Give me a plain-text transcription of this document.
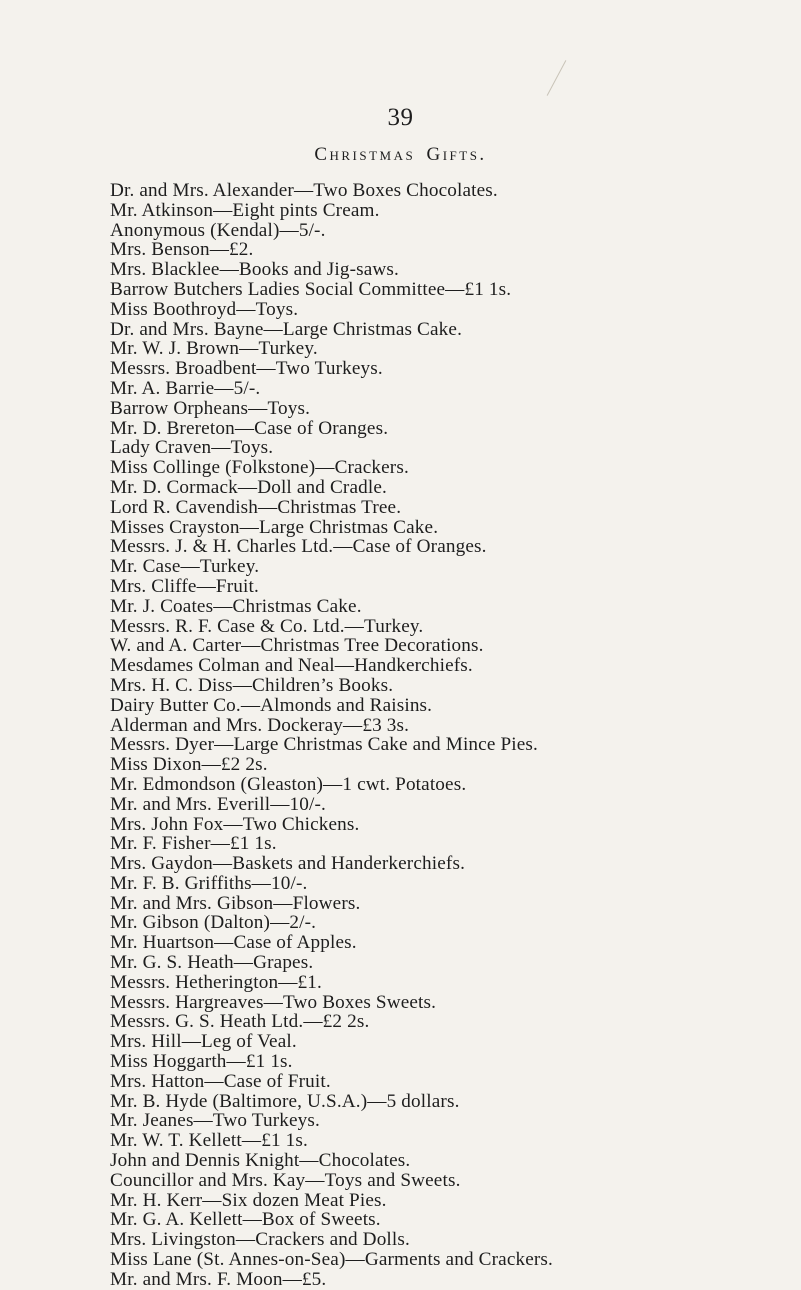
39
Christmas Gifts.
Dr. and Mrs. Alexander—Two Boxes Chocolates.
Mr. Atkinson—Eight pints Cream.
Anonymous (Kendal)—5/-.
Mrs. Benson—£2.
Mrs. Blacklee—Books and Jig-saws.
Barrow Butchers Ladies Social Committee—£1 1s.
Miss Boothroyd—Toys.
Dr. and Mrs. Bayne—Large Christmas Cake.
Mr. W. J. Brown—Turkey.
Messrs. Broadbent—Two Turkeys.
Mr. A. Barrie—5/-.
Barrow Orpheans—Toys.
Mr. D. Brereton—Case of Oranges.
Lady Craven—Toys.
Miss Collinge (Folkstone)—Crackers.
Mr. D. Cormack—Doll and Cradle.
Lord R. Cavendish—Christmas Tree.
Misses Crayston—Large Christmas Cake.
Messrs. J. & H. Charles Ltd.—Case of Oranges.
Mr. Case—Turkey.
Mrs. Cliffe—Fruit.
Mr. J. Coates—Christmas Cake.
Messrs. R. F. Case & Co. Ltd.—Turkey.
W. and A. Carter—Christmas Tree Decorations.
Mesdames Colman and Neal—Handkerchiefs.
Mrs. H. C. Diss—Children’s Books.
Dairy Butter Co.—Almonds and Raisins.
Alderman and Mrs. Dockeray—£3 3s.
Messrs. Dyer—Large Christmas Cake and Mince Pies.
Miss Dixon—£2 2s.
Mr. Edmondson (Gleaston)—1 cwt. Potatoes.
Mr. and Mrs. Everill—10/-.
Mrs. John Fox—Two Chickens.
Mr. F. Fisher—£1 1s.
Mrs. Gaydon—Baskets and Handerkerchiefs.
Mr. F. B. Griffiths—10/-.
Mr. and Mrs. Gibson—Flowers.
Mr. Gibson (Dalton)—2/-.
Mr. Huartson—Case of Apples.
Mr. G. S. Heath—Grapes.
Messrs. Hetherington—£1.
Messrs. Hargreaves—Two Boxes Sweets.
Messrs. G. S. Heath Ltd.—£2 2s.
Mrs. Hill—Leg of Veal.
Miss Hoggarth—£1 1s.
Mrs. Hatton—Case of Fruit.
Mr. B. Hyde (Baltimore, U.S.A.)—5 dollars.
Mr. Jeanes—Two Turkeys.
Mr. W. T. Kellett—£1 1s.
John and Dennis Knight—Chocolates.
Councillor and Mrs. Kay—Toys and Sweets.
Mr. H. Kerr—Six dozen Meat Pies.
Mr. G. A. Kellett—Box of Sweets.
Mrs. Livingston—Crackers and Dolls.
Miss Lane (St. Annes-on-Sea)—Garments and Crackers.
Mr. and Mrs. F. Moon—£5.
